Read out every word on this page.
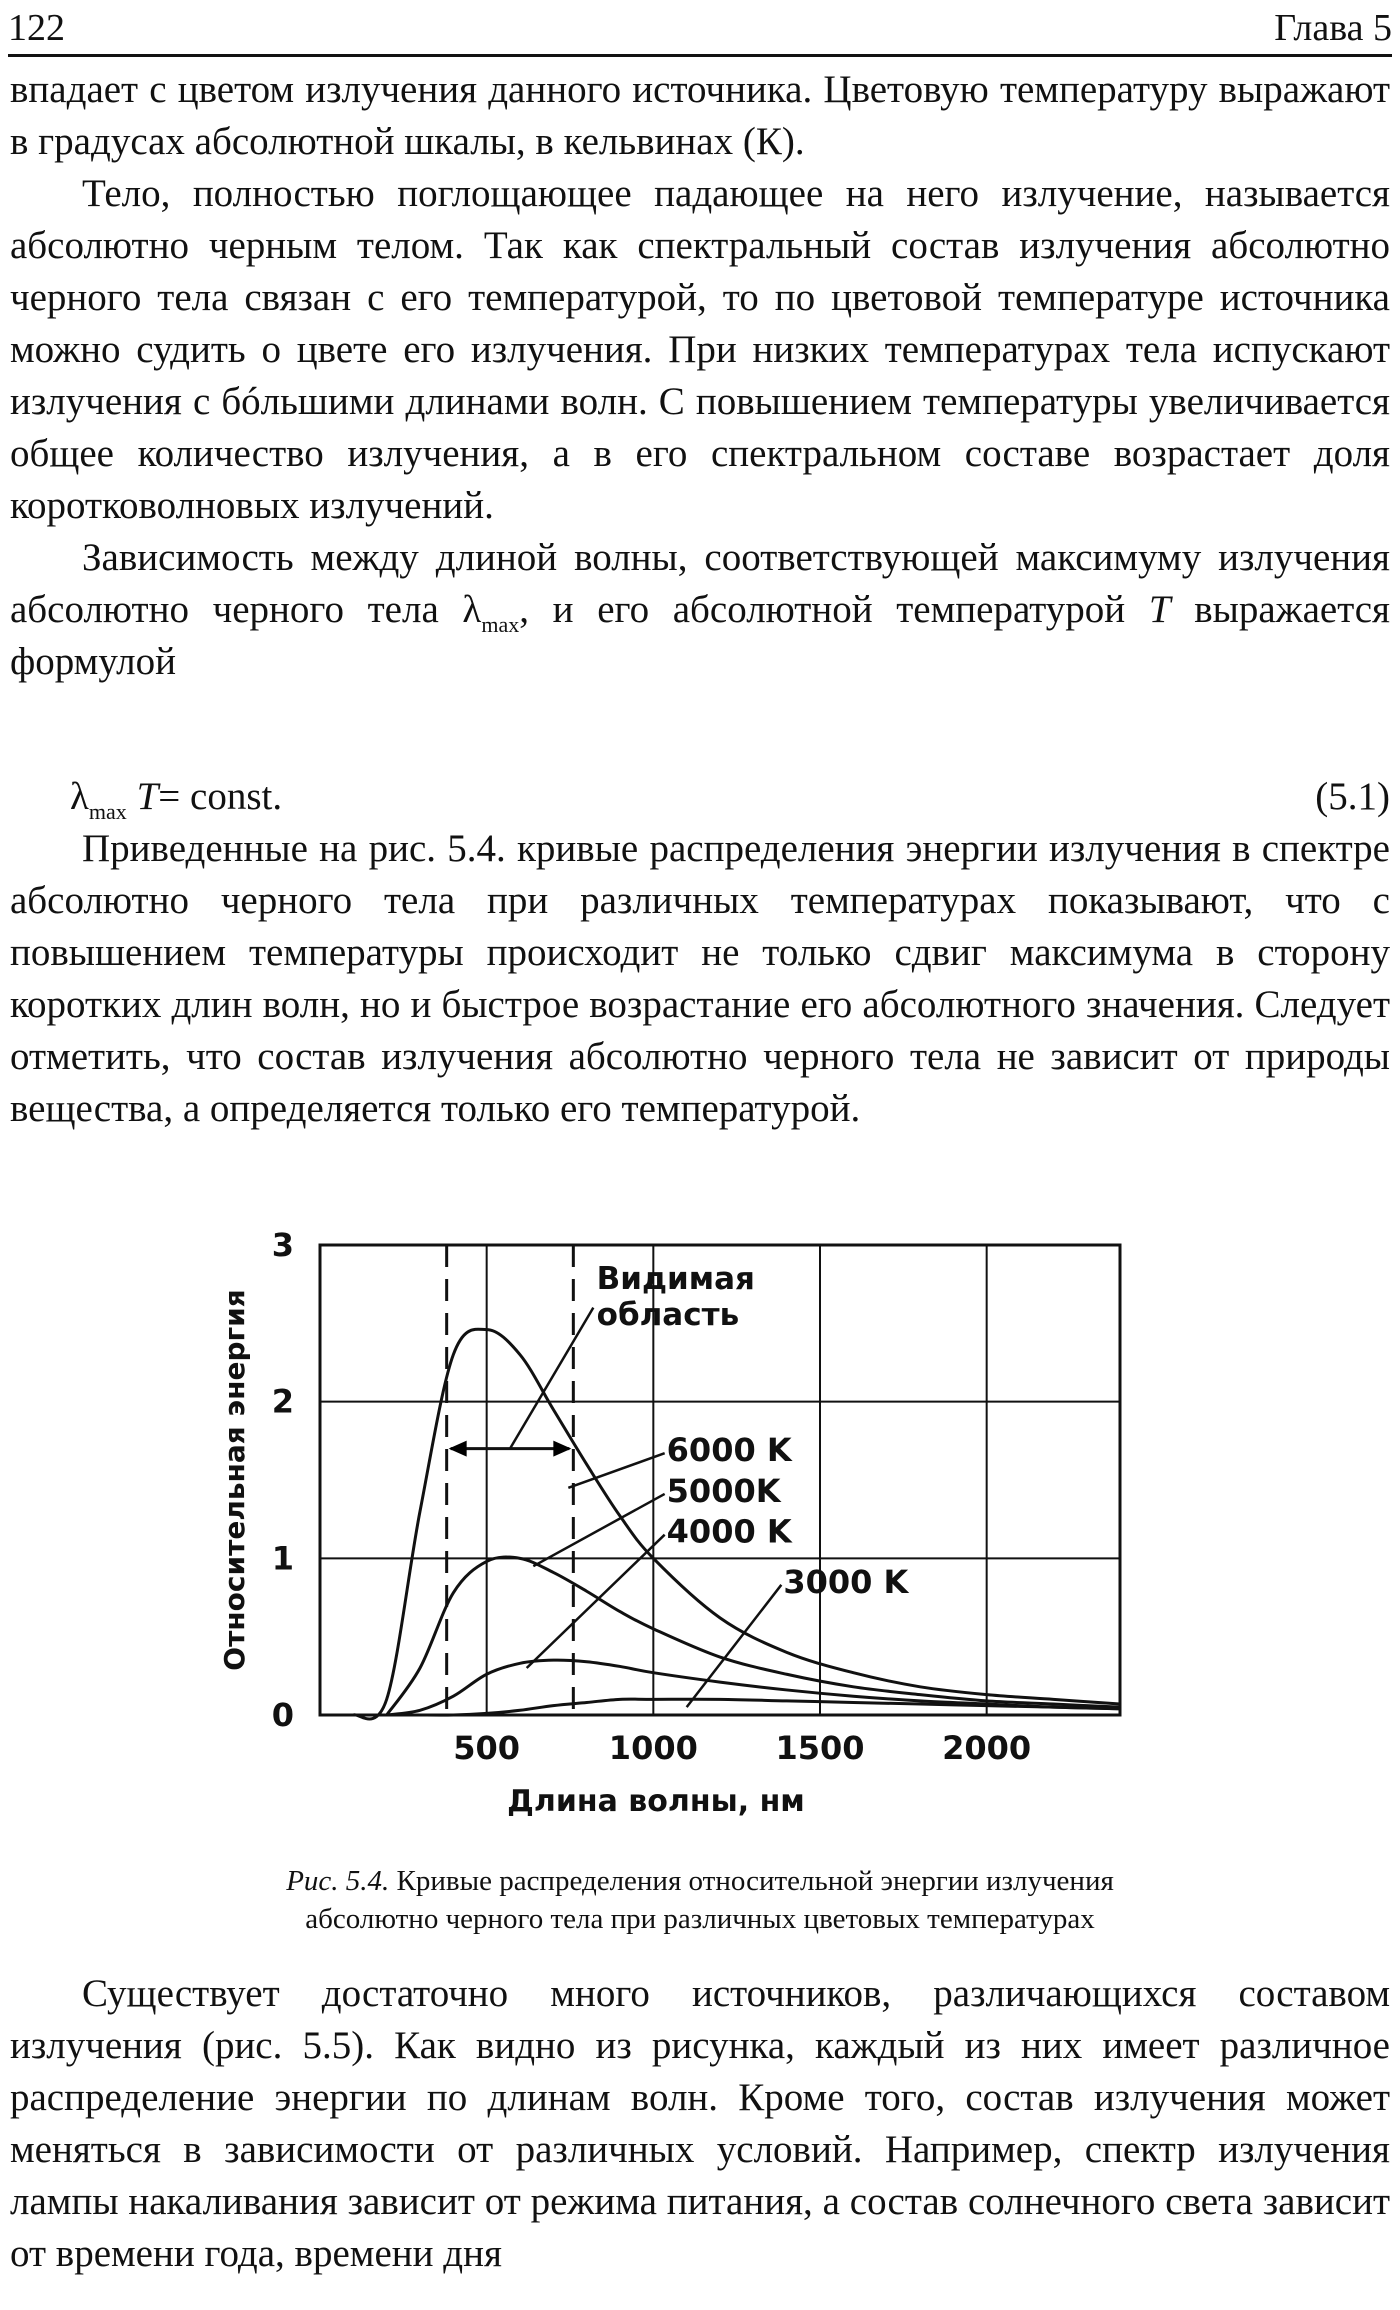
122	Глава 5

впадает с цветом излучения данного источника. Цветовую температуру выражают в градусах абсолютной шкалы, в кельвинах (К).

Тело, полностью поглощающее падающее на него излучение, называется абсолютно черным телом. Так как спектральный состав излучения абсолютно черного тела связан с его температурой, то по цветовой температуре источника можно судить о цвете его излучения. При низких температурах тела испускают излучения с бóльшими длинами волн. С повышением температуры увеличивается общее количество излучения, а в его спектральном составе возрастает доля коротковолновых излучений.

Зависимость между длиной волны, соответствующей максимуму излучения абсолютно черного тела $\lambda_{max}$, и его абсолютной температурой T выражается формулой

$\lambda_{max}$ T= const.	(5.1)

Приведенные на рис. 5.4. кривые распределения энергии излучения в спектре абсолютно черного тела при различных температурах показывают, что с повышением температуры происходит не только сдвиг максимума в сторону коротких длин волн, но и быстрое возрастание его абсолютного значения. Следует отметить, что состав излучения абсолютно черного тела не зависит от природы вещества, а определяется только его температурой.

500	1000 1500 2000
0
1
2
3
Длина волны, нм
Относительная энергия
Видимая
область
6000 K
5000K
4000 K
3000 K
Рис. 5.4. Кривые распределения относительной энергии излучения
абсолютно черного тела при различных цветовых температурах

Существует достаточно много источников, различающихся составом излучения (рис. 5.5). Как видно из рисунка, каждый из них имеет различное распределение энергии по длинам волн. Кроме того, состав излучения может меняться в зависимости от различных условий. Например, спектр излучения лампы накаливания зависит от режима питания, а состав солнечного света зависит от времени года, времени дня
